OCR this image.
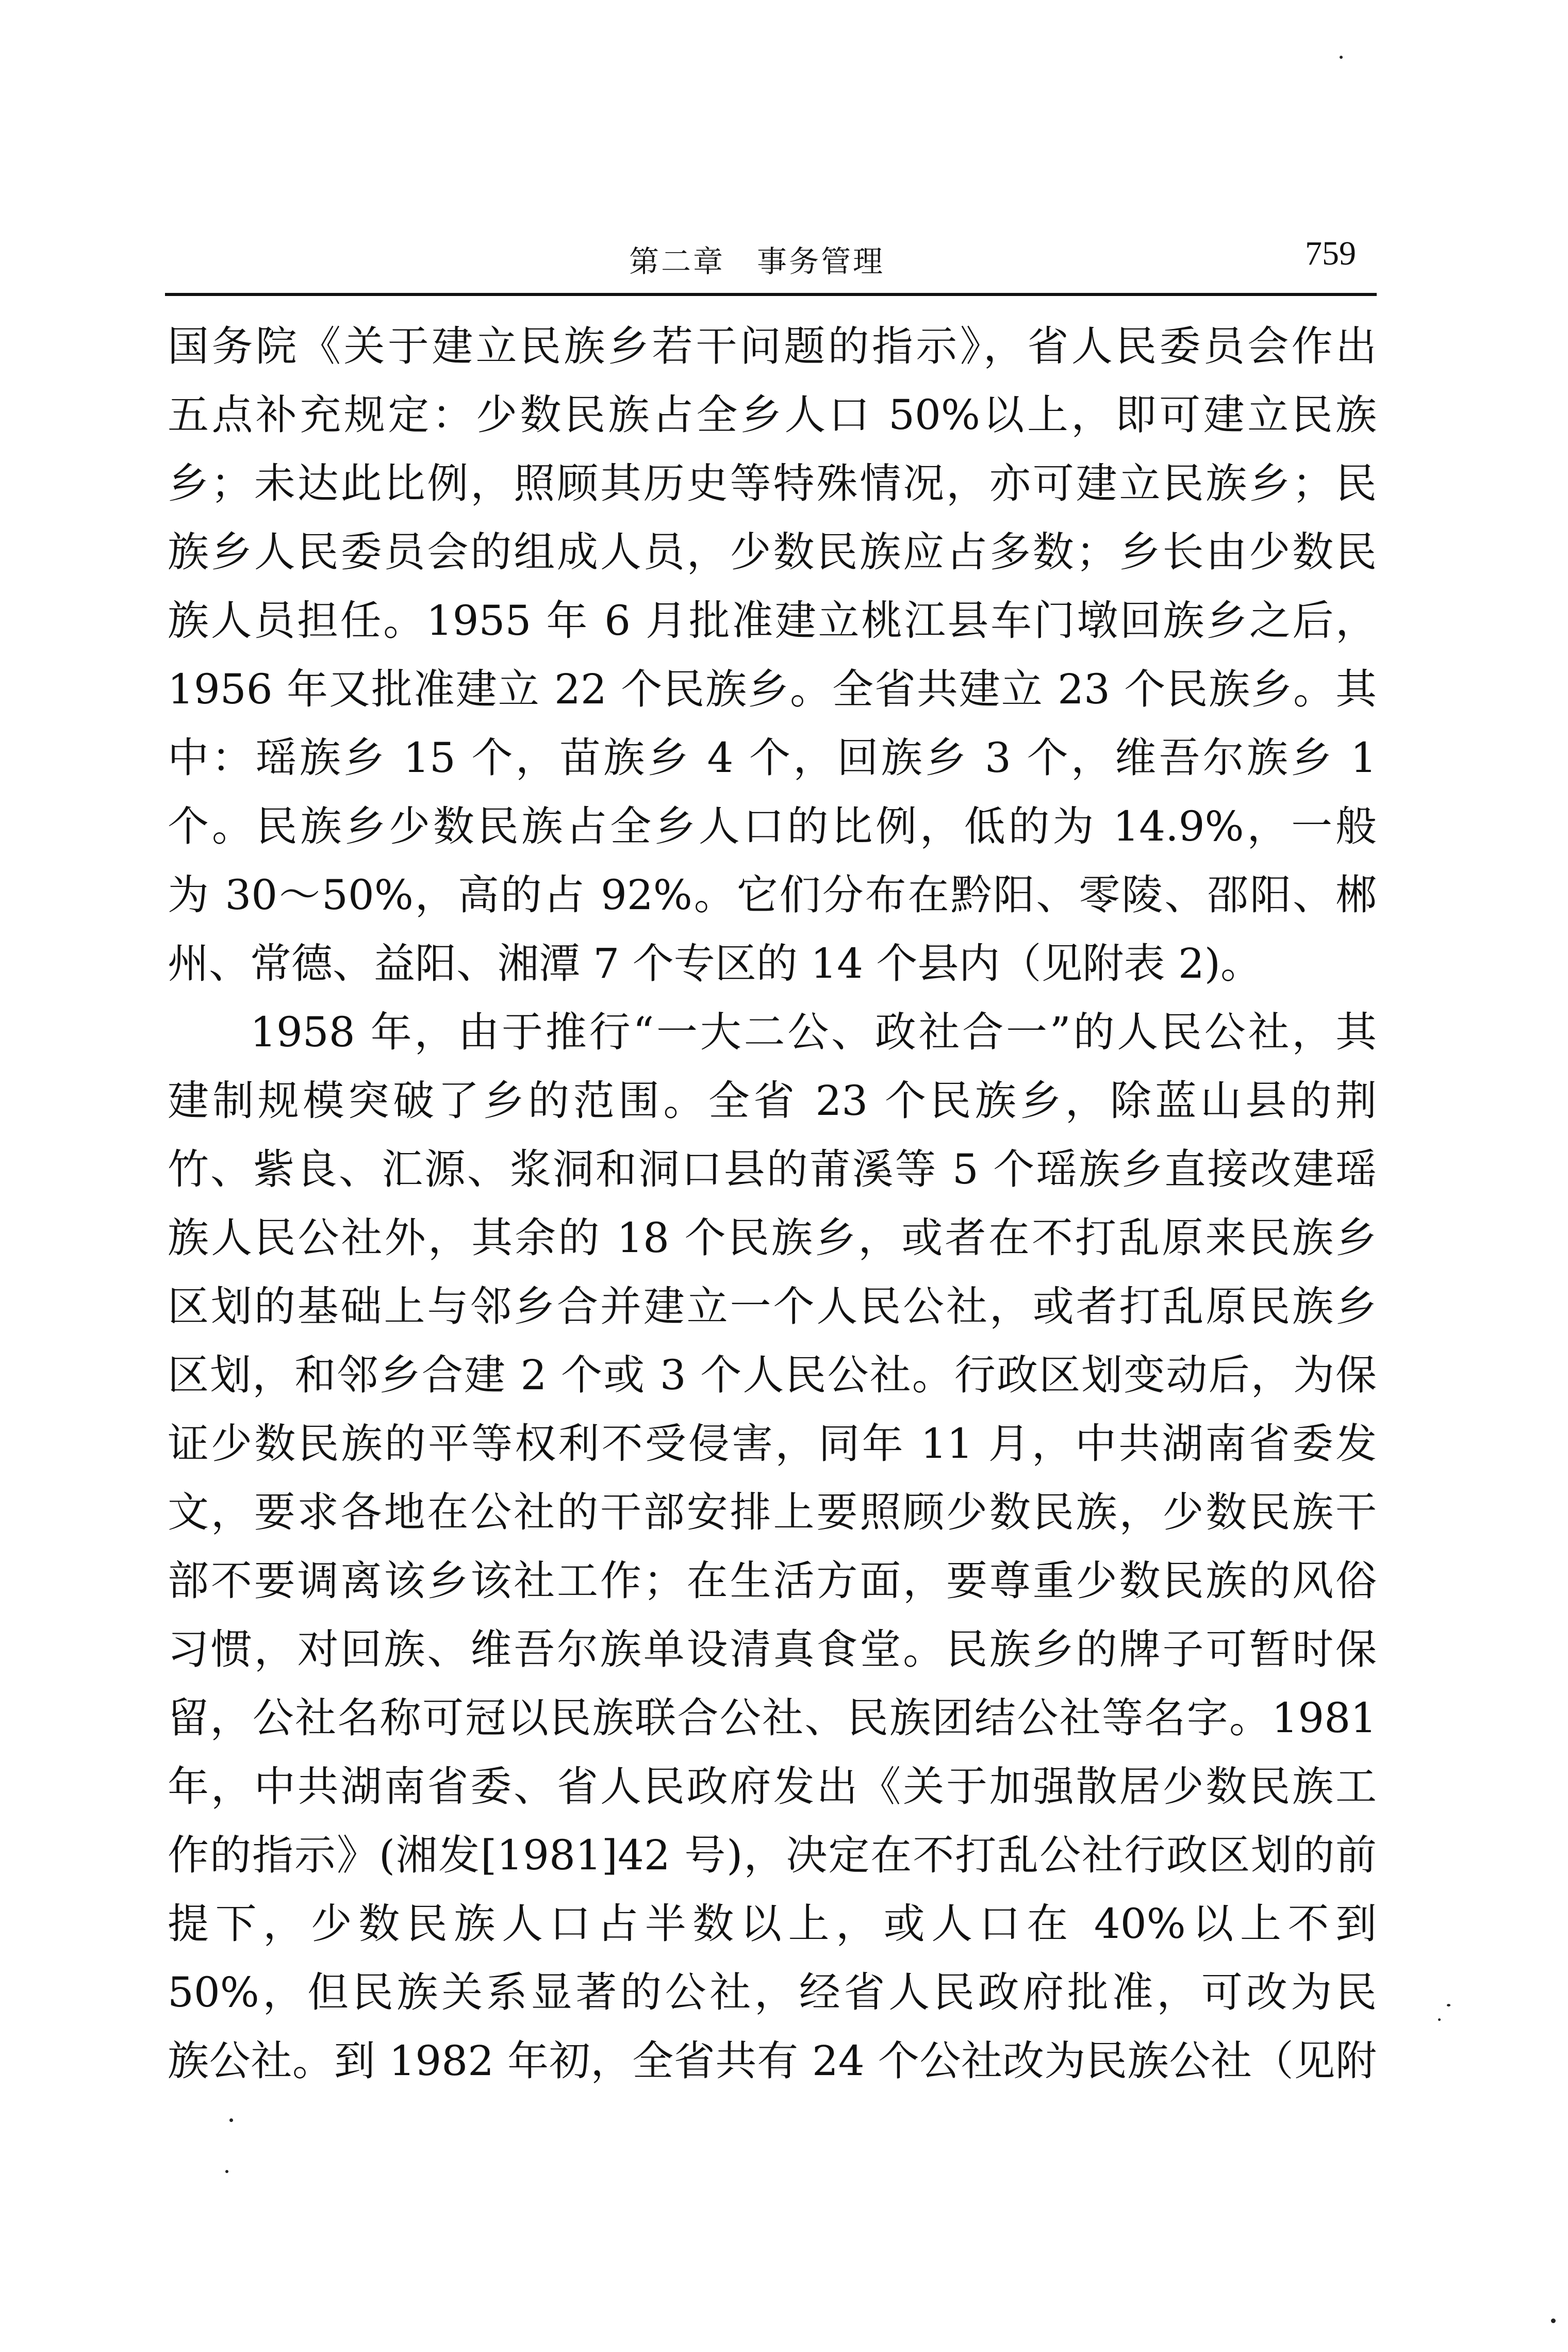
第二章　事务管理	759
国务院《关于建立民族乡若干问题的指示》，省人民委员会作出
五点补充规定：少数民族占全乡人口 50%以上，即可建立民族
乡；未达此比例，照顾其历史等特殊情况，亦可建立民族乡；民
族乡人民委员会的组成人员，少数民族应占多数；乡长由少数民
族人员担任。1955 年 6 月批准建立桃江县车门墩回族乡之后，
1956 年又批准建立 22 个民族乡。全省共建立 23 个民族乡。其
中：瑶族乡 15 个，苗族乡 4 个，回族乡 3 个，维吾尔族乡 1
个。民族乡少数民族占全乡人口的比例，低的为 14.9%，一般
为 30～50%，高的占 92%。它们分布在黔阳、零陵、邵阳、郴
州、常德、益阳、湘潭 7 个专区的 14 个县内（见附表 2)。
1958 年，由于推行“一大二公、政社合一”的人民公社，其
建制规模突破了乡的范围。全省 23 个民族乡，除蓝山县的荆
竹、紫良、汇源、浆洞和洞口县的莆溪等 5 个瑶族乡直接改建瑶
族人民公社外，其余的 18 个民族乡，或者在不打乱原来民族乡
区划的基础上与邻乡合并建立一个人民公社，或者打乱原民族乡
区划，和邻乡合建 2 个或 3 个人民公社。行政区划变动后，为保
证少数民族的平等权利不受侵害，同年 11 月，中共湖南省委发
文，要求各地在公社的干部安排上要照顾少数民族，少数民族干
部不要调离该乡该社工作；在生活方面，要尊重少数民族的风俗
习惯，对回族、维吾尔族单设清真食堂。民族乡的牌子可暂时保
留，公社名称可冠以民族联合公社、民族团结公社等名字。1981
年，中共湖南省委、省人民政府发出《关于加强散居少数民族工
作的指示》(湘发[1981]42 号)，决定在不打乱公社行政区划的前
提下，少数民族人口占半数以上，或人口在 40%以上不到
50%，但民族关系显著的公社，经省人民政府批准，可改为民
族公社。到 1982 年初，全省共有 24 个公社改为民族公社（见附
